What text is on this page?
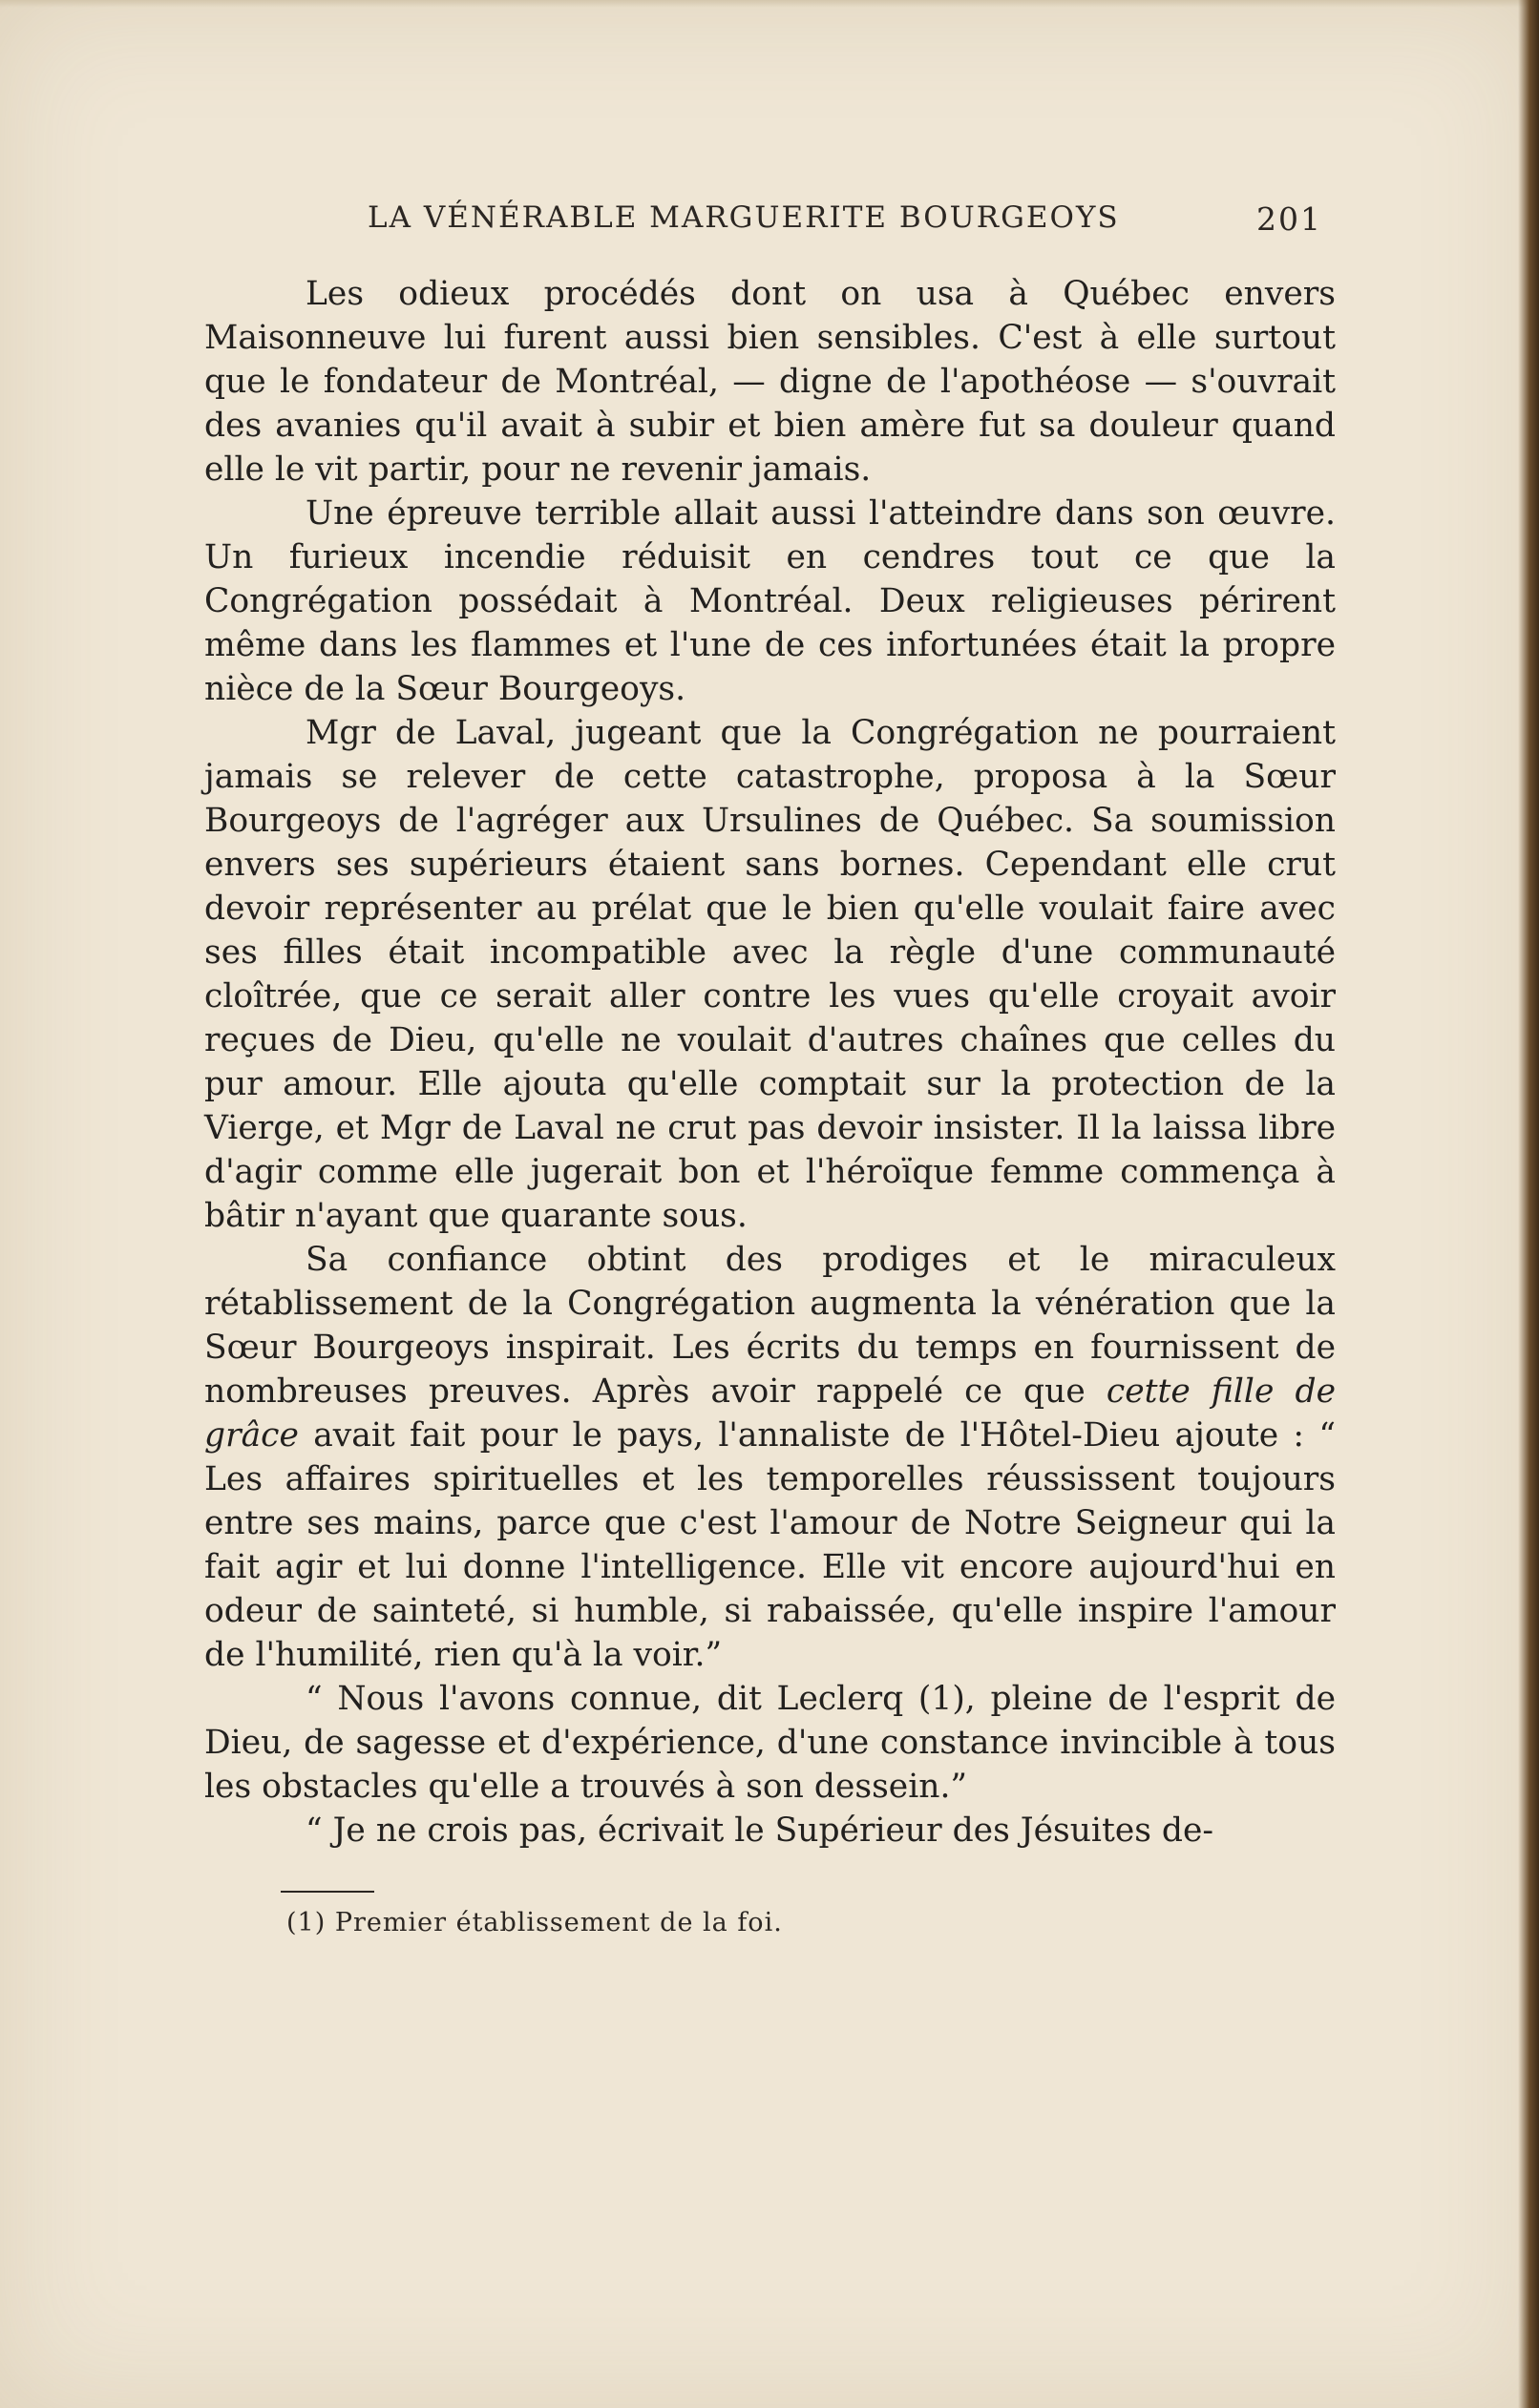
LA VÉNÉRABLE MARGUERITE BOURGEOYS	201

Les odieux procédés dont on usa à Québec envers Maisonneuve lui furent aussi bien sensibles. C'est à elle surtout que le fondateur de Montréal, — digne de l'apothéose — s'ouvrait des avanies qu'il avait à subir et bien amère fut sa douleur quand elle le vit partir, pour ne revenir jamais.

Une épreuve terrible allait aussi l'atteindre dans son œuvre. Un furieux incendie réduisit en cendres tout ce que la Congrégation possédait à Montréal. Deux religieuses périrent même dans les flammes et l'une de ces infortunées était la propre nièce de la Sœur Bourgeoys.

Mgr de Laval, jugeant que la Congrégation ne pourraient jamais se relever de cette catastrophe, proposa à la Sœur Bourgeoys de l'agréger aux Ursulines de Québec. Sa soumission envers ses supérieurs étaient sans bornes. Cependant elle crut devoir représenter au prélat que le bien qu'elle voulait faire avec ses filles était incompatible avec la règle d'une communauté cloîtrée, que ce serait aller contre les vues qu'elle croyait avoir reçues de Dieu, qu'elle ne voulait d'autres chaînes que celles du pur amour. Elle ajouta qu'elle comptait sur la protection de la Vierge, et Mgr de Laval ne crut pas devoir insister. Il la laissa libre d'agir comme elle jugerait bon et l'héroïque femme commença à bâtir n'ayant que quarante sous.

Sa confiance obtint des prodiges et le miraculeux rétablissement de la Congrégation augmenta la vénération que la Sœur Bourgeoys inspirait. Les écrits du temps en fournissent de nombreuses preuves. Après avoir rappelé ce que cette fille de grâce avait fait pour le pays, l'annaliste de l'Hôtel-Dieu ajoute : “ Les affaires spirituelles et les temporelles réussissent toujours entre ses mains, parce que c'est l'amour de Notre Seigneur qui la fait agir et lui donne l'intelligence. Elle vit encore aujourd'hui en odeur de sainteté, si humble, si rabaissée, qu'elle inspire l'amour de l'humilité, rien qu'à la voir.”

“ Nous l'avons connue, dit Leclerq (1), pleine de l'esprit de Dieu, de sagesse et d'expérience, d'une constance invincible à tous les obstacles qu'elle a trouvés à son dessein.”

“ Je ne crois pas, écrivait le Supérieur des Jésuites de-

(1) Premier établissement de la foi.
